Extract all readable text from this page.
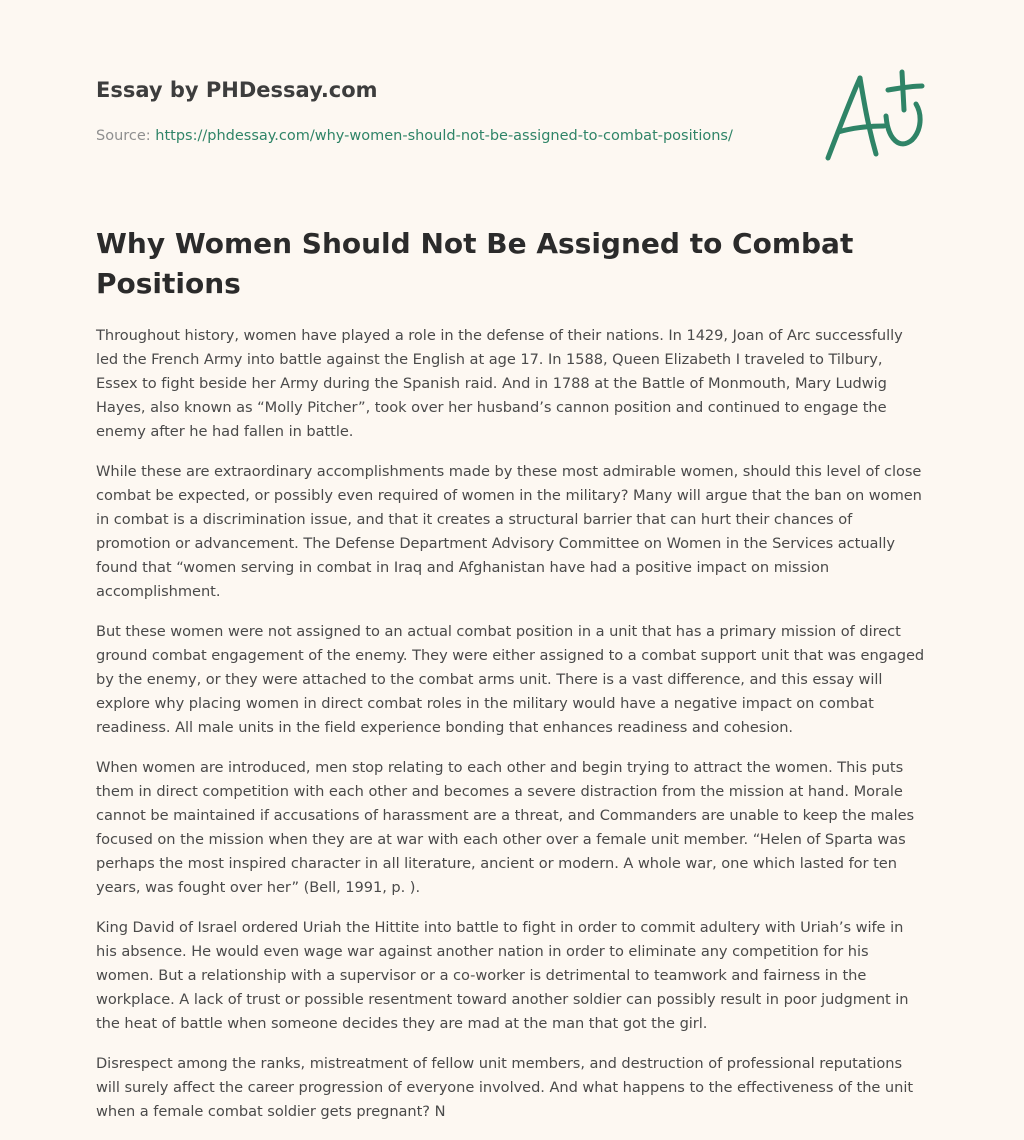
Essay by PHDessay.com
Source: https://phdessay.com/why-women-should-not-be-assigned-to-combat-positions/
Why Women Should Not Be Assigned to Combat Positions

Throughout history, women have played a role in the defense of their nations. In 1429, Joan of Arc successfully led the French Army into battle against the English at age 17. In 1588, Queen Elizabeth I traveled to Tilbury, Essex to fight beside her Army during the Spanish raid. And in 1788 at the Battle of Monmouth, Mary Ludwig Hayes, also known as “Molly Pitcher”, took over her husband’s cannon position and continued to engage the enemy after he had fallen in battle.

While these are extraordinary accomplishments made by these most admirable women, should this level of close combat be expected, or possibly even required of women in the military? Many will argue that the ban on women in combat is a discrimination issue, and that it creates a structural barrier that can hurt their chances of promotion or advancement. The Defense Department Advisory Committee on Women in the Services actually found that “women serving in combat in Iraq and Afghanistan have had a positive impact on mission accomplishment.

But these women were not assigned to an actual combat position in a unit that has a primary mission of direct ground combat engagement of the enemy. They were either assigned to a combat support unit that was engaged by the enemy, or they were attached to the combat arms unit. There is a vast difference, and this essay will explore why placing women in direct combat roles in the military would have a negative impact on combat readiness. All male units in the field experience bonding that enhances readiness and cohesion.

When women are introduced, men stop relating to each other and begin trying to attract the women. This puts them in direct competition with each other and becomes a severe distraction from the mission at hand. Morale cannot be maintained if accusations of harassment are a threat, and Commanders are unable to keep the males focused on the mission when they are at war with each other over a female unit member. “Helen of Sparta was perhaps the most inspired character in all literature, ancient or modern. A whole war, one which lasted for ten years, was fought over her” (Bell, 1991, p. ).

King David of Israel ordered Uriah the Hittite into battle to fight in order to commit adultery with Uriah’s wife in his absence. He would even wage war against another nation in order to eliminate any competition for his women. But a relationship with a supervisor or a co-worker is detrimental to teamwork and fairness in the workplace. A lack of trust or possible resentment toward another soldier can possibly result in poor judgment in the heat of battle when someone decides they are mad at the man that got the girl.

Disrespect among the ranks, mistreatment of fellow unit members, and destruction of professional reputations will surely affect the career progression of everyone involved. And what happens to the effectiveness of the unit when a female combat soldier gets pregnant? N
